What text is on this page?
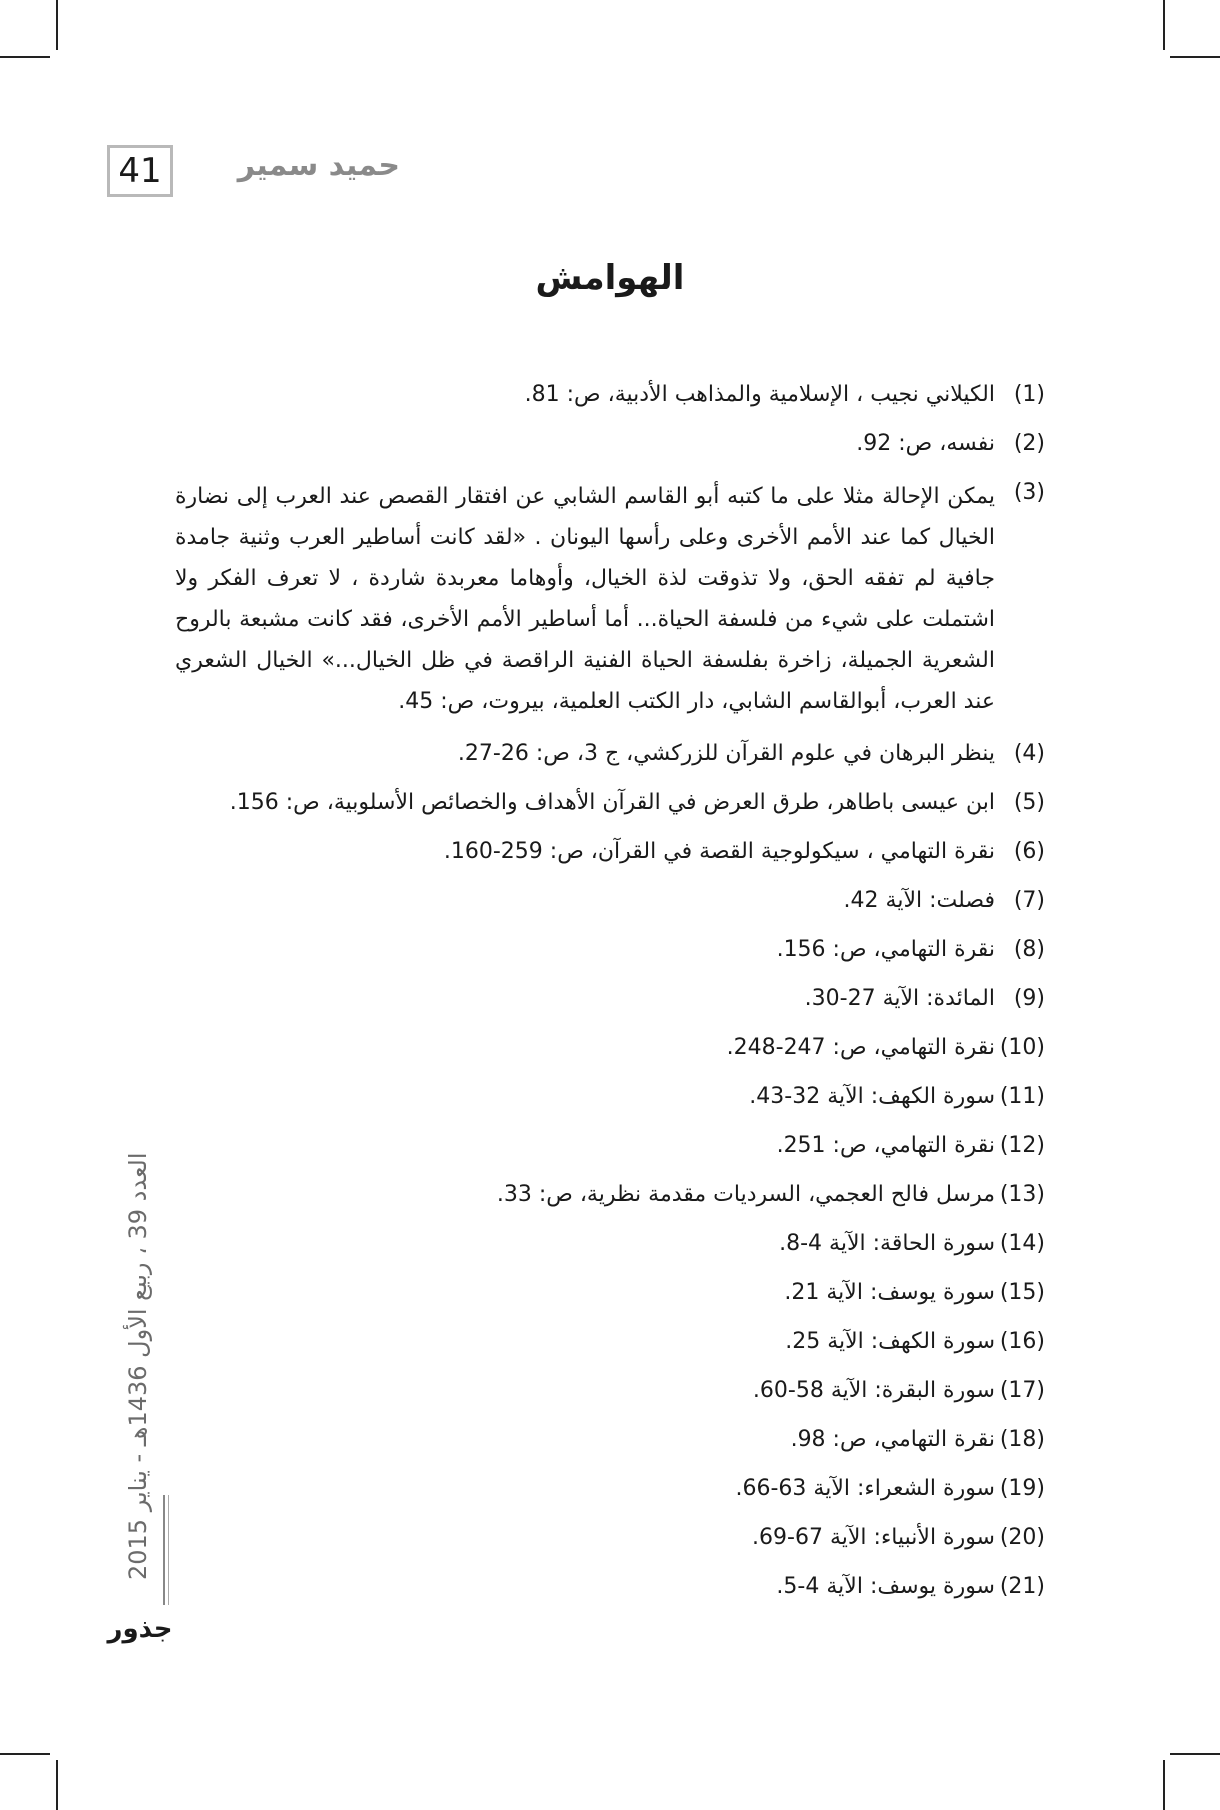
41	حميد سمير
الهوامش
(1)
الكيلاني نجيب ، الإسلامية والمذاهب الأدبية، ص: 81.
(2)
نفسه، ص: 92.
(3)
يمكن الإحالة مثلا على ما كتبه أبو القاسم الشابي عن افتقار القصص عند العرب إلى نضارة الخيال كما عند الأمم الأخرى وعلى رأسها اليونان . «لقد كانت أساطير العرب وثنية جامدة جافية لم تفقه الحق، ولا تذوقت لذة الخيال، وأوهاما معربدة شاردة ، لا تعرف الفكر ولا اشتملت على شيء من فلسفة الحياة... أما أساطير الأمم الأخرى، فقد كانت مشبعة بالروح الشعرية الجميلة، زاخرة بفلسفة الحياة الفنية الراقصة في ظل الخيال...» الخيال الشعري عند العرب، أبوالقاسم الشابي، دار الكتب العلمية، بيروت، ص: 45.
(4)
ينظر البرهان في علوم القرآن للزركشي، ج 3، ص: 26-27.
(5)
ابن عيسى باطاهر، طرق العرض في القرآن الأهداف والخصائص الأسلوبية، ص: 156.
(6)
نقرة التهامي ، سيكولوجية القصة في القرآن، ص: 259-160.
(7)
فصلت: الآية 42.
(8)
نقرة التهامي، ص: 156.
(9)
المائدة: الآية 27-30.
(10)
نقرة التهامي، ص: 247-248.
(11)
سورة الكهف: الآية 32-43.
(12)
نقرة التهامي، ص: 251.
(13)
مرسل فالح العجمي، السرديات مقدمة نظرية، ص: 33.
(14)
سورة الحاقة: الآية 4-8.
(15)
سورة يوسف: الآية 21.
(16)
سورة الكهف: الآية 25.
(17)
سورة البقرة: الآية 58-60.
(18)
نقرة التهامي، ص: 98.
(19)
سورة الشعراء: الآية 63-66.
(20)
سورة الأنبياء: الآية 67-69.
(21)
سورة يوسف: الآية 4-5.
العدد 39 ، ربيع الأول 1436هـ - يناير 2015
جذور
